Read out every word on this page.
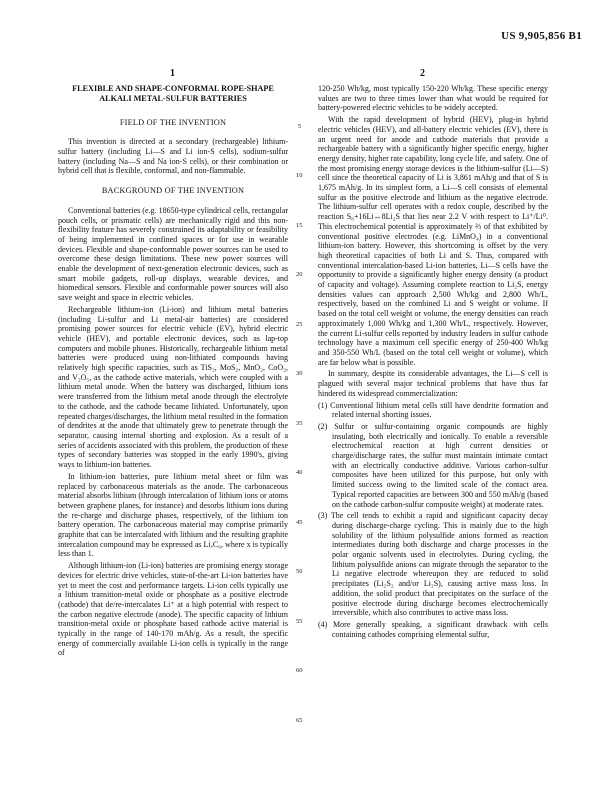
US 9,905,856 B1
1	2
FLEXIBLE AND SHAPE-CONFORMAL ROPE-SHAPE ALKALI METAL-SULFUR BATTERIES
FIELD OF THE INVENTION

This invention is directed at a secondary (rechargeable) lithium-sulfur battery (including Li—S and Li ion-S cells), sodium-sulfur battery (including Na—S and Na ion-S cells), or their combination or hybrid cell that is flexible, conformal, and non-flammable.

BACKGROUND OF THE INVENTION

Conventional batteries (e.g. 18650-type cylindrical cells, rectangular pouch cells, or prismatic cells) are mechanically rigid and this non-flexibility feature has severely constrained its adaptability or feasibility of being implemented in confined spaces or for use in wearable devices. Flexible and shape-conformable power sources can be used to overcome these design limitations. These new power sources will enable the development of next-generation electronic devices, such as smart mobile gadgets, roll-up displays, wearable devices, and biomedical sensors. Flexible and conformable power sources will also save weight and space in electric vehicles.

Rechargeable lithium-ion (Li-ion) and lithium metal batteries (including Li-sulfur and Li metal-air batteries) are considered promising power sources for electric vehicle (EV), hybrid electric vehicle (HEV), and portable electronic devices, such as lap-top computers and mobile phones. Historically, rechargeable lithium metal batteries were produced using non-lithiated compounds having relatively high specific capacities, such as TiS₂, MoS₂, MnO₂, CoO₂, and V₂O₅, as the cathode active materials, which were coupled with a lithium metal anode. When the battery was discharged, lithium ions were transferred from the lithium metal anode through the electrolyte to the cathode, and the cathode became lithiated. Unfortunately, upon repeated charges/discharges, the lithium metal resulted in the formation of dendrites at the anode that ultimately grew to penetrate through the separator, causing internal shorting and explosion. As a result of a series of accidents associated with this problem, the production of these types of secondary batteries was stopped in the early 1990's, giving ways to lithium-ion batteries.

In lithium-ion batteries, pure lithium metal sheet or film was replaced by carbonaceous materials as the anode. The carbonaceous material absorbs lithium (through intercalation of lithium ions or atoms between graphene planes, for instance) and desorbs lithium ions during the re-charge and discharge phases, respectively, of the lithium ion battery operation. The carbonaceous material may comprise primarily graphite that can be intercalated with lithium and the resulting graphite intercalation compound may be expressed as LiₓC₆, where x is typically less than 1.

Although lithium-ion (Li-ion) batteries are promising energy storage devices for electric drive vehicles, state-of-the-art Li-ion batteries have yet to meet the cost and performance targets. Li-ion cells typically use a lithium transition-metal oxide or phosphate as a positive electrode (cathode) that de/re-intercalates Li⁺ at a high potential with respect to the carbon negative electrode (anode). The specific capacity of lithium transition-metal oxide or phosphate based cathode active material is typically in the range of 140-170 mAh/g. As a result, the specific energy of commercially available Li-ion cells is typically in the range of

120-250 Wh/kg, most typically 150-220 Wh/kg. These specific energy values are two to three times lower than what would be required for battery-powered electric vehicles to be widely accepted.

With the rapid development of hybrid (HEV), plug-in hybrid electric vehicles (HEV), and all-battery electric vehicles (EV), there is an urgent need for anode and cathode materials that provide a rechargeable battery with a significantly higher specific energy, higher energy density, higher rate capability, long cycle life, and safety. One of the most promising energy storage devices is the lithium-sulfur (Li—S) cell since the theoretical capacity of Li is 3,861 mAh/g and that of S is 1,675 mAh/g. In its simplest form, a Li—S cell consists of elemental sulfur as the positive electrode and lithium as the negative electrode. The lithium-sulfur cell operates with a redox couple, described by the reaction S₈+16Li↔8Li₂S that lies near 2.2 V with respect to Li⁺/Li⁰. This electrochemical potential is approximately ⅔ of that exhibited by conventional positive electrodes (e.g. LiMnO₄) in a conventional lithium-ion battery. However, this shortcoming is offset by the very high theoretical capacities of both Li and S. Thus, compared with conventional intercalation-based Li-ion batteries, Li—S cells have the opportunity to provide a significantly higher energy density (a product of capacity and voltage). Assuming complete reaction to Li₂S, energy densities values can approach 2,500 Wh/kg and 2,800 Wh/L, respectively, based on the combined Li and S weight or volume. If based on the total cell weight or volume, the energy densities can reach approximately 1,000 Wh/kg and 1,300 Wh/L, respectively. However, the current Li-sulfur cells reported by industry leaders in sulfur cathode technology have a maximum cell specific energy of 250-400 Wh/kg and 350-550 Wh/L (based on the total cell weight or volume), which are far below what is possible.

In summary, despite its considerable advantages, the Li—S cell is plagued with several major technical problems that have thus far hindered its widespread commercialization:

(1) Conventional lithium metal cells still have dendrite formation and related internal shorting issues.
(2) Sulfur or sulfur-containing organic compounds are highly insulating, both electrically and ionically. To enable a reversible electrochemical reaction at high current densities or charge/discharge rates, the sulfur must maintain intimate contact with an electrically conductive additive. Various carbon-sulfur composites have been utilized for this purpose, but only with limited success owing to the limited scale of the contact area. Typical reported capacities are between 300 and 550 mAh/g (based on the cathode carbon-sulfur composite weight) at moderate rates.
(3) The cell tends to exhibit a rapid and significant capacity decay during discharge-charge cycling. This is mainly due to the high solubility of the lithium polysulfide anions formed as reaction intermediates during both discharge and charge processes in the polar organic solvents used in electrolytes. During cycling, the lithium polysulfide anions can migrate through the separator to the Li negative electrode whereupon they are reduced to solid precipitates (Li₂S₂ and/or Li₂S), causing active mass loss. In addition, the solid product that precipitates on the surface of the positive electrode during discharge becomes electrochemically irreversible, which also contributes to active mass loss.
(4) More generally speaking, a significant drawback with cells containing cathodes comprising elemental sulfur,
5
10
15
20
25
30
35
40
45
50
55
60
65
